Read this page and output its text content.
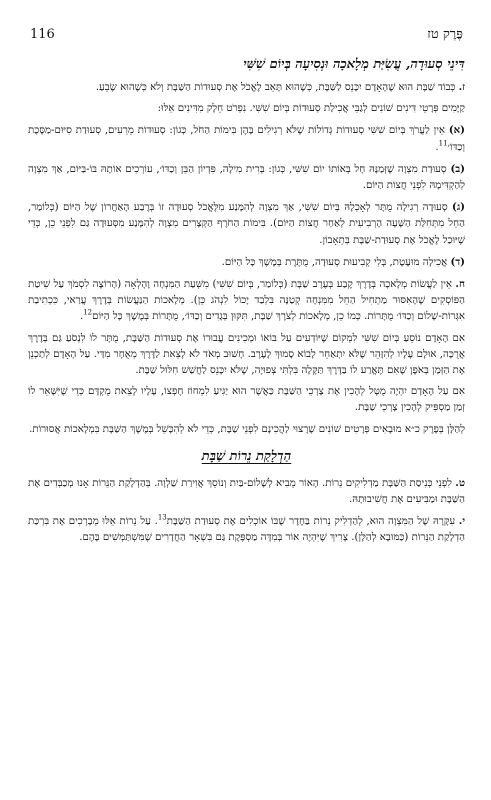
פֶּרֶק טז
116
דִּינֵי סְעוּדָה, עֲשִׂיַּת מְלָאכָה וּנְסִיעָה בְּיוֹם שִׁשִּׁי

ז. כְּבוֹד שַׁבָּת הוּא שֶׁהָאָדָם יִכָּנֵס לַשַּׁבָּת, כְּשֶׁהוּא תָּאֵב לֶאֱכֹל אֶת סְעוּדוֹת הַשַּׁבָּת וְלֹא כְּשֶׁהוּא שָׂבֵעַ.

קַיָּמִים פְּרָטֵי דִּינִים שׁוֹנִים לְגַבֵּי אֲכִילַת סְעוּדוֹת בְּיוֹם שִׁשִּׁי. נִפְרֹט חֵלֶק מִדִּינִים אֵלּוּ:

(א) אֵין לַעֲרֹךְ בְּיוֹם שִׁשִּׁי סְעוּדוֹת גְּדוֹלוֹת שֶׁלֹּא רְגִילִים בָּהֶן בִּימוֹת הַחֹל, כְּגוֹן: סְעוּדוֹת מֵרֵעִים, סְעוּדַת סִיּוּם-מַסֶּכֶת וְכַדּוֹ׳$^{11}$.

(ב) סְעוּדַת מִצְוָה שֶׁזְּמַנָּהּ חָל בְּאוֹתוֹ יוֹם שִׁשִּׁי, כְּגוֹן: בְּרִית מִילָה, פִּדְיוֹן הַבֵּן וְכַדּוֹ׳, עוֹרְכִים אוֹתָהּ בּוֹ-בַּיּוֹם, אַךְ מִצְוָה לְהַקְדִּימָהּ לִפְנֵי חֲצוֹת הַיּוֹם.

(ג) סְעוּדָה רְגִילָה מֻתָּר לְאָכְלָהּ בְּיוֹם שִׁשִּׁי, אַךְ מִצְוָה לְהִמָּנַע מִלֶּאֱכֹל סְעוּדָה זוֹ בְּרֶבַע הָאַחֲרוֹן שֶׁל הַיּוֹם (כְּלוֹמַר, הַחֵל מִתְּחִלַּת הַשָּׁעָה הָרְבִיעִית לְאַחַר חֲצוֹת הַיּוֹם). בִּימוֹת הַחֹרֶף הַקְּצָרִים מִצְוָה לְהִמָּנַע מִסְּעוּדָה גַּם לִפְנֵי כֵן, כְּדֵי שֶׁיּוּכַל לֶאֱכֹל אֶת סְעוּדַת-שַׁבָּת בְּתֵאָבוֹן.

(ד) אֲכִילָה מוּעֶטֶת, בְּלִי קְבִיעוּת סְעוּדָה, מֻתֶּרֶת בְּמֶשֶׁךְ כָּל הַיּוֹם.

ח. אֵין לַעֲשׂוֹת מְלָאכָה בְּדֶרֶךְ קֶבַע בְּעֶרֶב שַׁבָּת (כְּלוֹמַר, בְּיוֹם שִׁשִּׁי) מִשְּׁעַת הַמִּנְחָה וָהָלְאָה (הָרוֹצֶה לִסְמֹךְ עַל שִׁיטַת הַפּוֹסְקִים שֶׁהָאִסּוּר מַתְחִיל הַחֵל מִמִּנְחָה קְטַנָּה בִּלְבַד יָכוֹל לִנְהֹג כֵּן). מְלָאכוֹת הַנַּעֲשׂוֹת בְּדֶרֶךְ עֲרַאי, כִּכְתִיבַת אִגְּרוֹת-שָׁלוֹם וְכַדּוֹ׳ מֻתָּרוֹת. כְּמוֹ כֵן, מְלָאכוֹת לְצֹרֶךְ שַׁבָּת, תִּקּוּן בְּגָדִים וְכַדּוֹ׳, מֻתָּרוֹת בְּמֶשֶׁךְ כָּל הַיּוֹם$^{12}$.

אִם הָאָדָם נוֹסֵעַ בְּיוֹם שִׁשִּׁי לִמְקוֹם שֶׁיּוֹדְעִים עַל בּוֹאוֹ וּמְכִינִים עֲבוּרוֹ אֶת סְעוּדוֹת הַשַּׁבָּת, מֻתָּר לוֹ לִנְסֹעַ גַּם בְּדֶרֶךְ אֲרֻכָּה, אוּלָם עָלָיו לְהִזָּהֵר שֶׁלֹּא יִתְאַחֵר לָבוֹא סָמוּךְ לָעֶרֶב. חָשׁוּב מְאֹד לֹא לָצֵאת לַדֶּרֶךְ מְאֻחָר מִדַּי. עַל הָאָדָם לְתַכְנֵן אֶת הַזְּמַן בְּאֹפֶן שֶׁאִם תֶּאֱרַע לוֹ בַּדֶּרֶךְ תַּקָּלָה בִּלְתִּי צְפוּיָה, שֶׁלֹּא יִכָּנֵס לַחֲשַׁשׁ חִלּוּל שַׁבָּת.

אִם עַל הָאָדָם יִהְיֶה מֻטָּל לְהָכִין אֶת צָרְכֵי הַשַּׁבָּת כַּאֲשֶׁר הוּא יַגִּיעַ לִמְחוֹז חֶפְצוֹ, עָלָיו לָצֵאת מֻקְדָּם כְּדֵי שֶׁיִּשָּׁאֵר לוֹ זְמַן מַסְפִּיק לְהָכִין צָרְכֵי שַׁבָּת.

לְהַלָּן בְּפֶרֶק כ״א מוּבָאִים פְּרָטִים שׁוֹנִים שֶׁרָצוּי לַהֲכִינָם לִפְנֵי שַׁבָּת, כְּדֵי לֹא לְהִכָּשֵׁל בְּמֶשֶׁךְ הַשַּׁבָּת בִּמְלָאכוֹת אֲסוּרוֹת.

הַדְלָקַת נֵרוֹת שַׁבָּת

ט. לִפְנֵי כְּנִיסַת הַשַּׁבָּת מַדְלִיקִים נֵרוֹת. הָאוֹר מֵבִיא לְשָׁלוֹם-בַּיִת וְנוֹסֵךְ אֲוִירַת שַׁלְוָה. בְּהַדְלָקַת הַנֵּרוֹת אָנוּ מְכַבְּדִים אֶת הַשַּׁבָּת וּמַבִּיעִים אֶת חֲשִׁיבוּתָהּ.

י. עִקָּרָהּ שֶׁל הַמִּצְוָה הוּא, לְהַדְלִיק נֵרוֹת בַּחֶדֶר שֶׁבּוֹ אוֹכְלִים אֶת סְעוּדַת הַשַּׁבָּת$^{13}$. עַל נֵרוֹת אֵלּוּ מְבָרְכִים אֶת בִּרְכַּת הַדְלָקַת הַנֵּרוֹת (כַּמּוּבָא לְהַלָּן). צָרִיךְ שֶׁיִּהְיֶה אוֹר בְּמִדָּה מַסְפֶּקֶת גַּם בִּשְׁאָר הַחֲדָרִים שֶׁמִּשְׁתַּמְּשִׁים בָּהֶם.
